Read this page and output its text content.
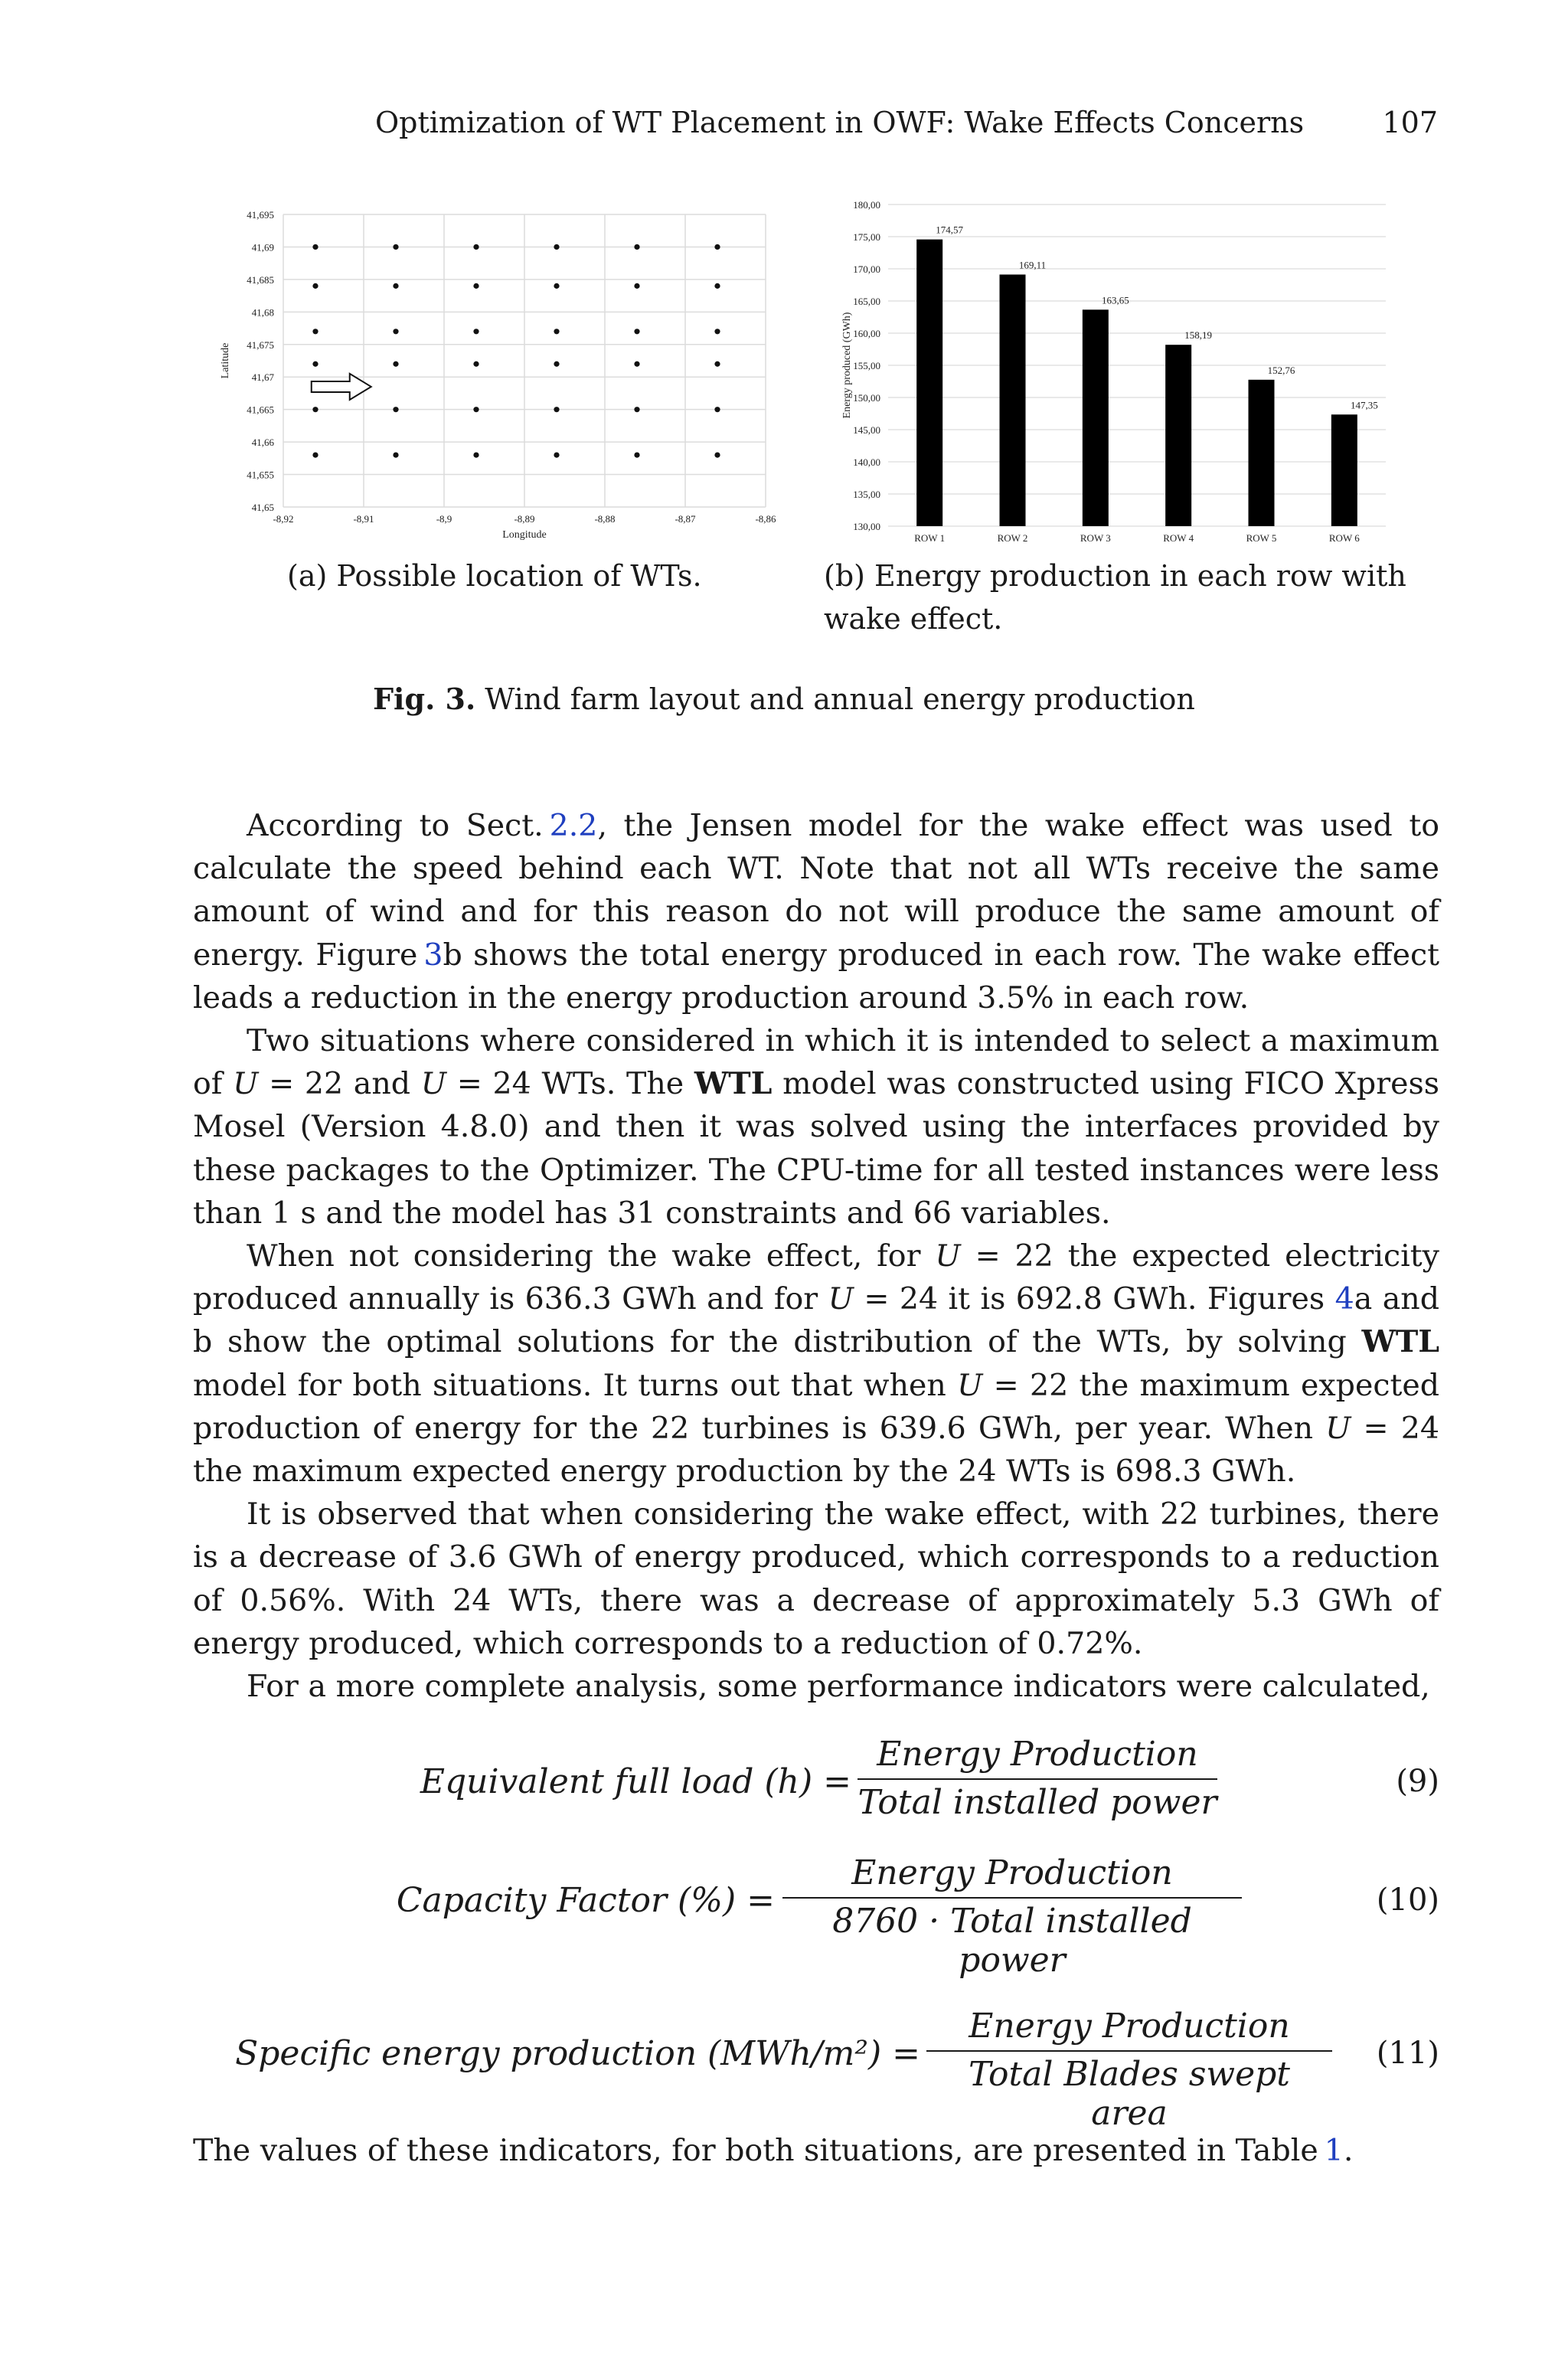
Optimization of WT Placement in OWF: Wake Effects Concerns	107
-8,92	-8,91	-8,9	-8,89	-8,88	-8,87	-8,86
41,695
41,69
41,685
41,68
41,675
41,67
41,665
41,66
41,655
41,65
Longitude
Latitude
130,00
135,00
140,00
145,00
150,00
155,00
160,00
165,00
170,00
175,00
180,00
Energy produced (GWh)
174,57
ROW 1
169,11
ROW 2
163,65
ROW 3
158,19
ROW 4
152,76
ROW 5
147,35
ROW 6
(a) Possible location of WTs.	(b) Energy production in each row with
wake effect.
Fig. 3. Wind farm layout and annual energy production

According to Sect.  2.2, the Jensen model for the wake effect was used to calculate the speed behind each WT. Note that not all WTs receive the same amount of wind and for this reason do not will produce the same amount of energy. Figure  3b shows the total energy produced in each row. The wake effect leads a reduction in the energy production around 3.5% in each row.

Two situations where considered in which it is intended to select a maximum of U = 22 and U = 24 WTs. The WTL model was constructed using FICO Xpress Mosel (Version 4.8.0) and then it was solved using the interfaces provided by these packages to the Optimizer. The CPU-time for all tested instances were less than 1 s and the model has 31 constraints and 66 variables.

When not considering the wake effect, for U = 22 the expected electricity produced annually is 636.3 GWh and for U = 24 it is 692.8 GWh. Figures 4a and b show the optimal solutions for the distribution of the WTs, by solving WTL model for both situations. It turns out that when U = 22 the maximum expected production of energy for the 22 turbines is 639.6 GWh, per year. When U = 24 the maximum expected energy production by the 24 WTs is 698.3 GWh.

It is observed that when considering the wake effect, with 22 turbines, there is a decrease of 3.6 GWh of energy produced, which corresponds to a reduction of 0.56%. With 24 WTs, there was a decrease of approximately 5.3 GWh of energy produced, which corresponds to a reduction of 0.72%.

For a more complete analysis, some performance indicators were calculated,

Equivalent full load (h) =
Energy Production
Total installed power
(9)
Capacity Factor (%) =
Energy Production
8760 · Total installed power
(10)
Specific energy production (MWh/m²) =
Energy Production
Total Blades swept area
(11)

The values of these indicators, for both situations, are presented in Table  1.
